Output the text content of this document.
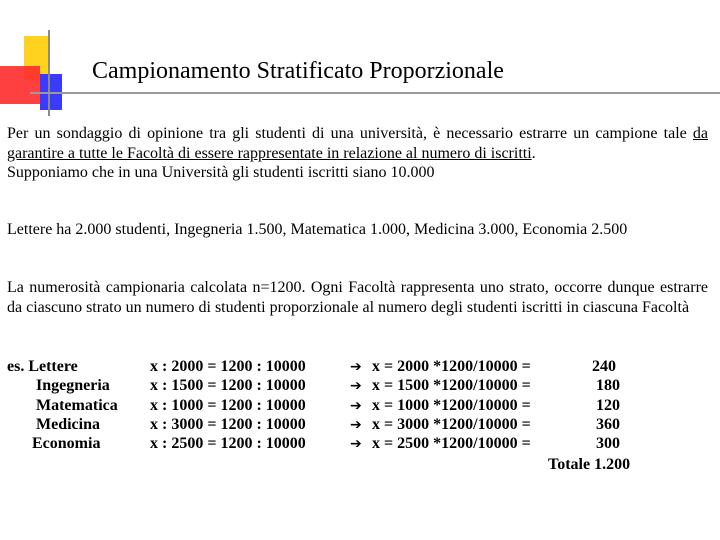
Campionamento Stratificato Proporzionale
Per un sondaggio di opinione tra gli studenti di una università, è necessario estrarre un campione tale da garantire a tutte le Facoltà di essere rappresentate in relazione al numero di iscritti.
Supponiamo che in una Università gli studenti iscritti siano 10.000
Lettere ha 2.000 studenti, Ingegneria 1.500, Matematica 1.000, Medicina 3.000, Economia 2.500
La numerosità campionaria calcolata n=1200. Ogni Facoltà rappresenta uno strato, occorre dunque estrarre da ciascuno strato un numero di studenti proporzionale al numero degli studenti iscritti in ciascuna Facoltà
es. Lettere	x : 2000 = 1200 : 10000	➔ x = 2000 *1200/10000 =	240
Ingegneria	x : 1500 = 1200 : 10000	➔ x = 1500 *1200/10000 =	180
Matematica x : 1000 = 1200 : 10000	➔ x = 1000 *1200/10000 =	120
Medicina	x : 3000 = 1200 : 10000	➔ x = 3000 *1200/10000 =	360
Economia	x : 2500 = 1200 : 10000	➔ x = 2500 *1200/10000 =	300
Totale 1.200
